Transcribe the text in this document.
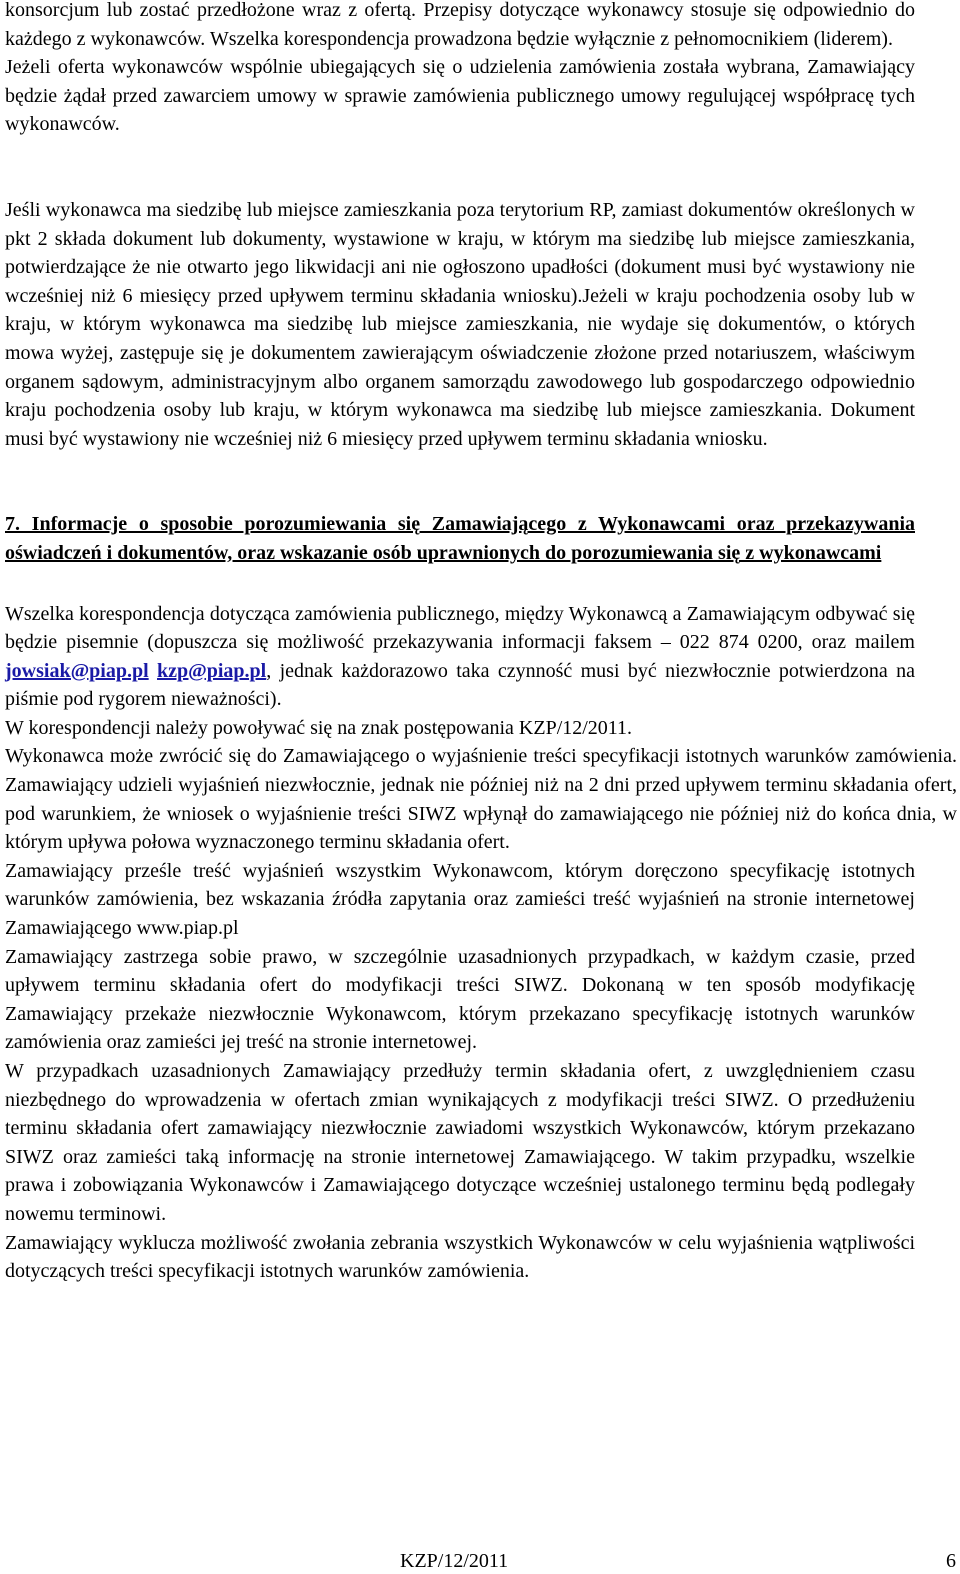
konsorcjum lub zostać przedłożone wraz z ofertą. Przepisy dotyczące wykonawcy stosuje się odpowiednio do każdego z wykonawców. Wszelka korespondencja prowadzona będzie wyłącznie z pełnomocnikiem (liderem).

Jeżeli oferta wykonawców wspólnie ubiegających się o udzielenia zamówienia została wybrana, Zamawiający będzie żądał przed zawarciem umowy w sprawie zamówienia publicznego umowy regulującej współpracę tych wykonawców.

Jeśli wykonawca ma siedzibę lub miejsce zamieszkania poza terytorium RP, zamiast dokumentów określonych w pkt 2 składa dokument lub dokumenty, wystawione w kraju, w którym ma siedzibę lub miejsce zamieszkania, potwierdzające że nie otwarto jego likwidacji ani nie ogłoszono upadłości (dokument musi być wystawiony nie wcześniej niż 6 miesięcy przed upływem terminu składania wniosku).Jeżeli w kraju pochodzenia osoby lub w kraju, w którym wykonawca ma siedzibę lub miejsce zamieszkania, nie wydaje się dokumentów, o których mowa wyżej, zastępuje się je dokumentem zawierającym oświadczenie złożone przed notariuszem, właściwym organem sądowym, administracyjnym albo organem samorządu zawodowego lub gospodarczego odpowiednio kraju pochodzenia osoby lub kraju, w którym wykonawca ma siedzibę lub miejsce zamieszkania. Dokument musi być wystawiony nie wcześniej niż 6 miesięcy przed upływem terminu składania wniosku.

7. Informacje o sposobie porozumiewania się Zamawiającego z Wykonawcami oraz przekazywania oświadczeń i dokumentów, oraz wskazanie osób uprawnionych do porozumiewania się z wykonawcami

Wszelka korespondencja dotycząca zamówienia publicznego, między Wykonawcą a Zamawiającym odbywać się będzie pisemnie (dopuszcza się możliwość przekazywania informacji faksem – 022 874 0200, oraz mailem jowsiak@piap.pl kzp@piap.pl, jednak każdorazowo taka czynność musi być niezwłocznie potwierdzona na piśmie pod rygorem nieważności).

W korespondencji należy powoływać się na znak postępowania KZP/12/2011.

Wykonawca może zwrócić się do Zamawiającego o wyjaśnienie treści specyfikacji istotnych warunków zamówienia. Zamawiający udzieli wyjaśnień niezwłocznie, jednak nie później niż na 2 dni przed upływem terminu składania ofert, pod warunkiem, że wniosek o wyjaśnienie treści SIWZ wpłynął do zamawiającego nie później niż do końca dnia, w którym upływa połowa wyznaczonego terminu składania ofert.

Zamawiający prześle treść wyjaśnień wszystkim Wykonawcom, którym doręczono specyfikację istotnych warunków zamówienia, bez wskazania źródła zapytania oraz zamieści treść wyjaśnień na stronie internetowej Zamawiającego www.piap.pl

Zamawiający zastrzega sobie prawo, w szczególnie uzasadnionych przypadkach, w każdym czasie, przed upływem terminu składania ofert do modyfikacji treści SIWZ. Dokonaną w ten sposób modyfikację Zamawiający przekaże niezwłocznie Wykonawcom, którym przekazano specyfikację istotnych warunków zamówienia oraz zamieści jej treść na stronie internetowej.

W przypadkach uzasadnionych Zamawiający przedłuży termin składania ofert, z uwzględnieniem czasu niezbędnego do wprowadzenia w ofertach zmian wynikających z modyfikacji treści SIWZ. O przedłużeniu terminu składania ofert zamawiający niezwłocznie zawiadomi wszystkich Wykonawców, którym przekazano SIWZ oraz zamieści taką informację na stronie internetowej Zamawiającego. W takim przypadku, wszelkie prawa i zobowiązania Wykonawców i Zamawiającego dotyczące wcześniej ustalonego terminu będą podlegały nowemu terminowi.

Zamawiający wyklucza możliwość zwołania zebrania wszystkich Wykonawców w celu wyjaśnienia wątpliwości dotyczących treści specyfikacji istotnych warunków zamówienia.

KZP/12/2011	6
